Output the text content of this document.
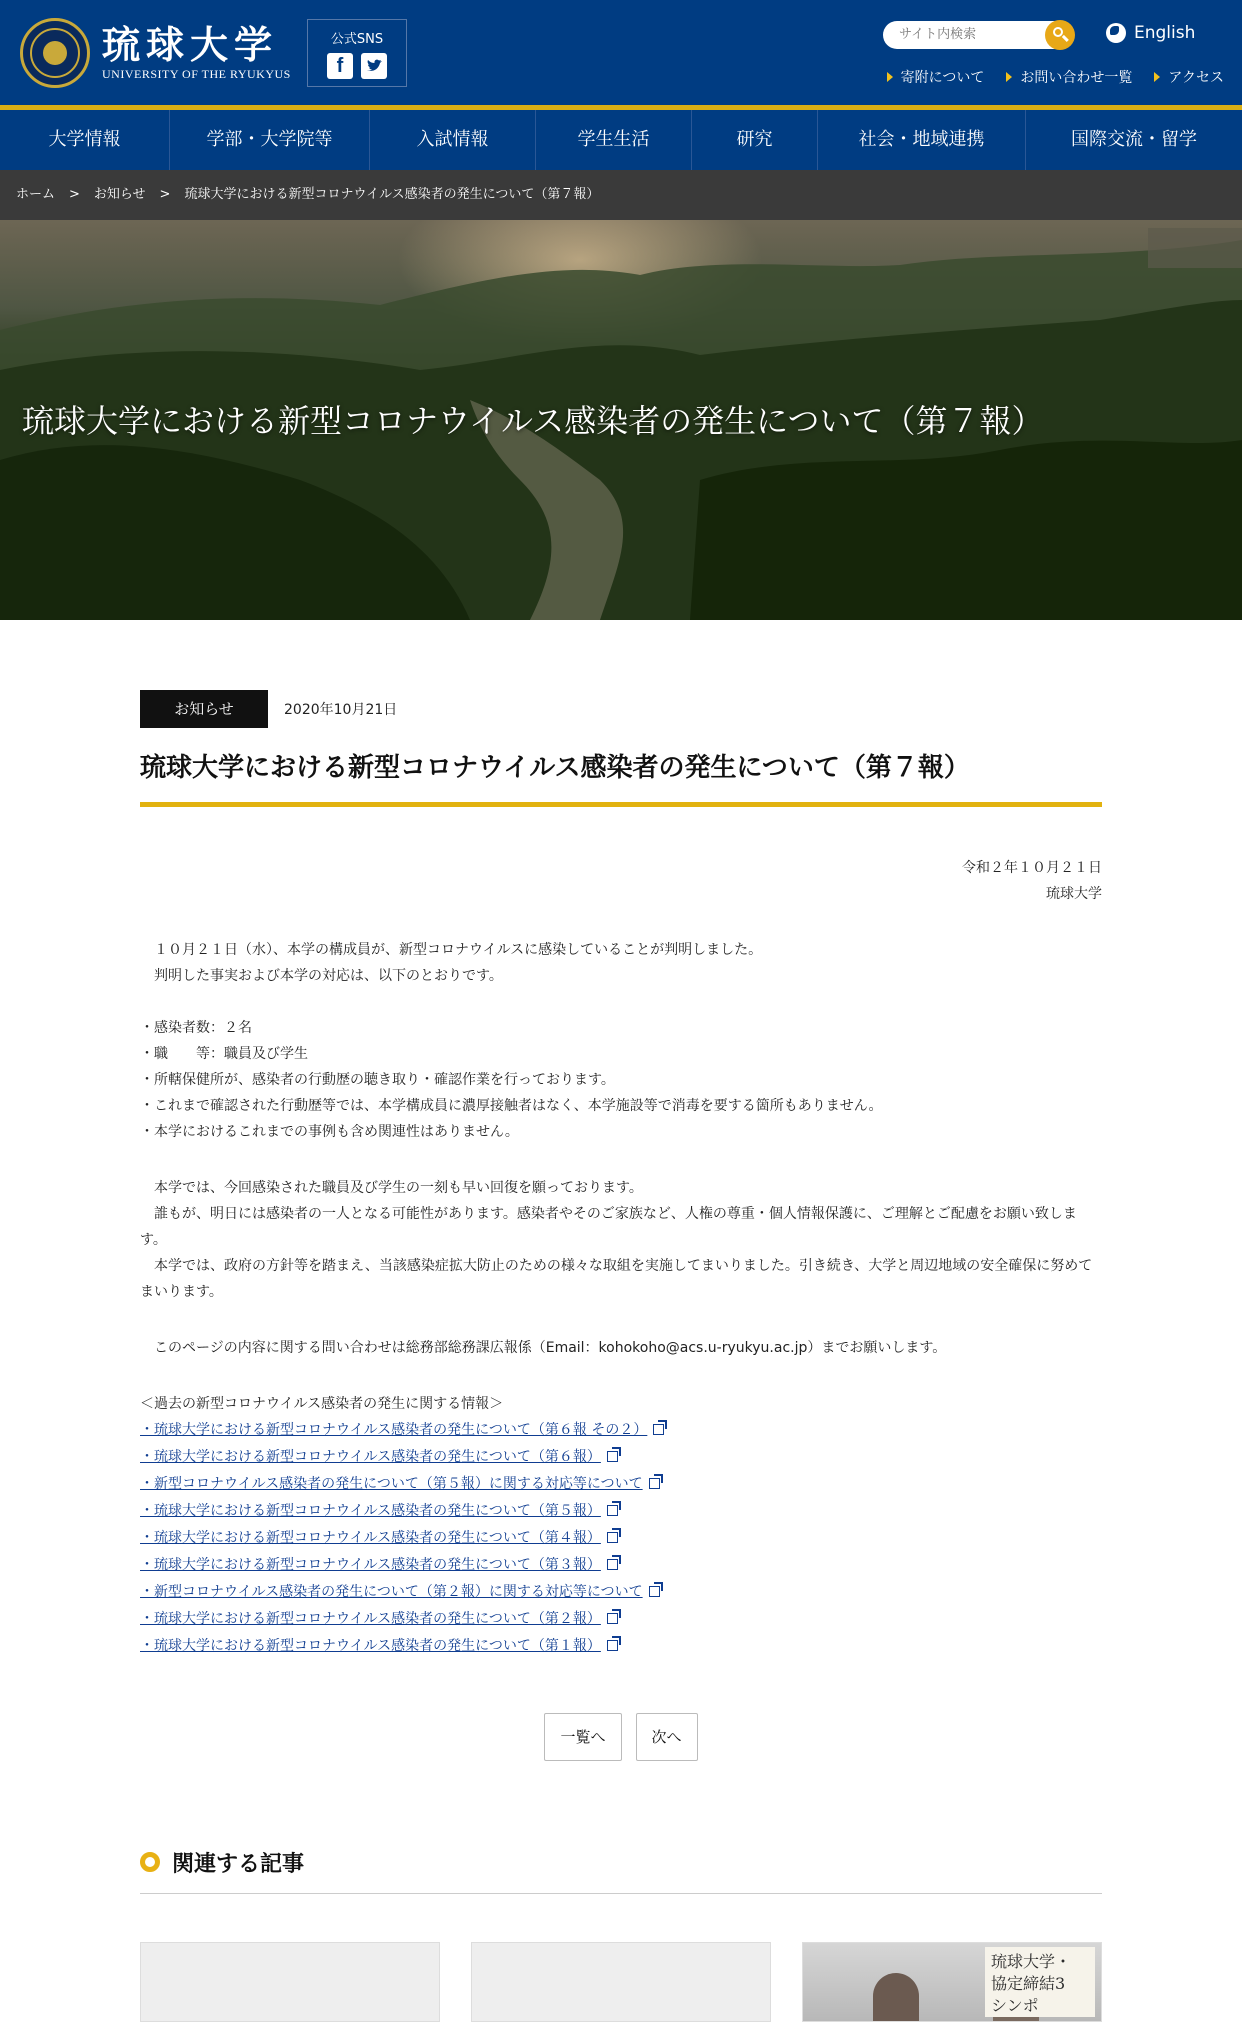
琉球大学
UNIVERSITY OF THE RYUKYUS
公式SNS
f
サイト内検索
English
寄附について	お問い合わせ一覧	アクセス
大学情報	学部・大学院等	入試情報	学生生活	研究	社会・地域連携	国際交流・留学
ホーム > お知らせ > 琉球大学における新型コロナウイルス感染者の発生について（第７報）
琉球大学における新型コロナウイルス感染者の発生について（第７報）
お知らせ	2020年10月21日
琉球大学における新型コロナウイルス感染者の発生について（第７報）
令和２年１０月２１日
琉球大学

　１０月２１日（水）、本学の構成員が、新型コロナウイルスに感染していることが判明しました。

　判明した事実および本学の対応は、以下のとおりです。

・感染者数：２名

・職　　等：職員及び学生

・所轄保健所が、感染者の行動歴の聴き取り・確認作業を行っております。

・これまで確認された行動歴等では、本学構成員に濃厚接触者はなく、本学施設等で消毒を要する箇所もありません。

・本学におけるこれまでの事例も含め関連性はありません。

　本学では、今回感染された職員及び学生の一刻も早い回復を願っております。

　誰もが、明日には感染者の一人となる可能性があります。感染者やそのご家族など、人権の尊重・個人情報保護に、ご理解とご配慮をお願い致します。

　本学では、政府の方針等を踏まえ、当該感染症拡大防止のための様々な取組を実施してまいりました。引き続き、大学と周辺地域の安全確保に努めてまいります。

　このページの内容に関する問い合わせは総務部総務課広報係（Email：kohokoho@acs.u-ryukyu.ac.jp）までお願いします。

＜過去の新型コロナウイルス感染者の発生に関する情報＞

・琉球大学における新型コロナウイルス感染者の発生について（第６報 その２）
・琉球大学における新型コロナウイルス感染者の発生について（第６報）
・新型コロナウイルス感染者の発生について（第５報）に関する対応等について
・琉球大学における新型コロナウイルス感染者の発生について（第５報）
・琉球大学における新型コロナウイルス感染者の発生について（第４報）
・琉球大学における新型コロナウイルス感染者の発生について（第３報）
・新型コロナウイルス感染者の発生について（第２報）に関する対応等について
・琉球大学における新型コロナウイルス感染者の発生について（第２報）
・琉球大学における新型コロナウイルス感染者の発生について（第１報）
一覧へ	次へ
関連する記事
琉球大学・
協定締結3
シンポ
